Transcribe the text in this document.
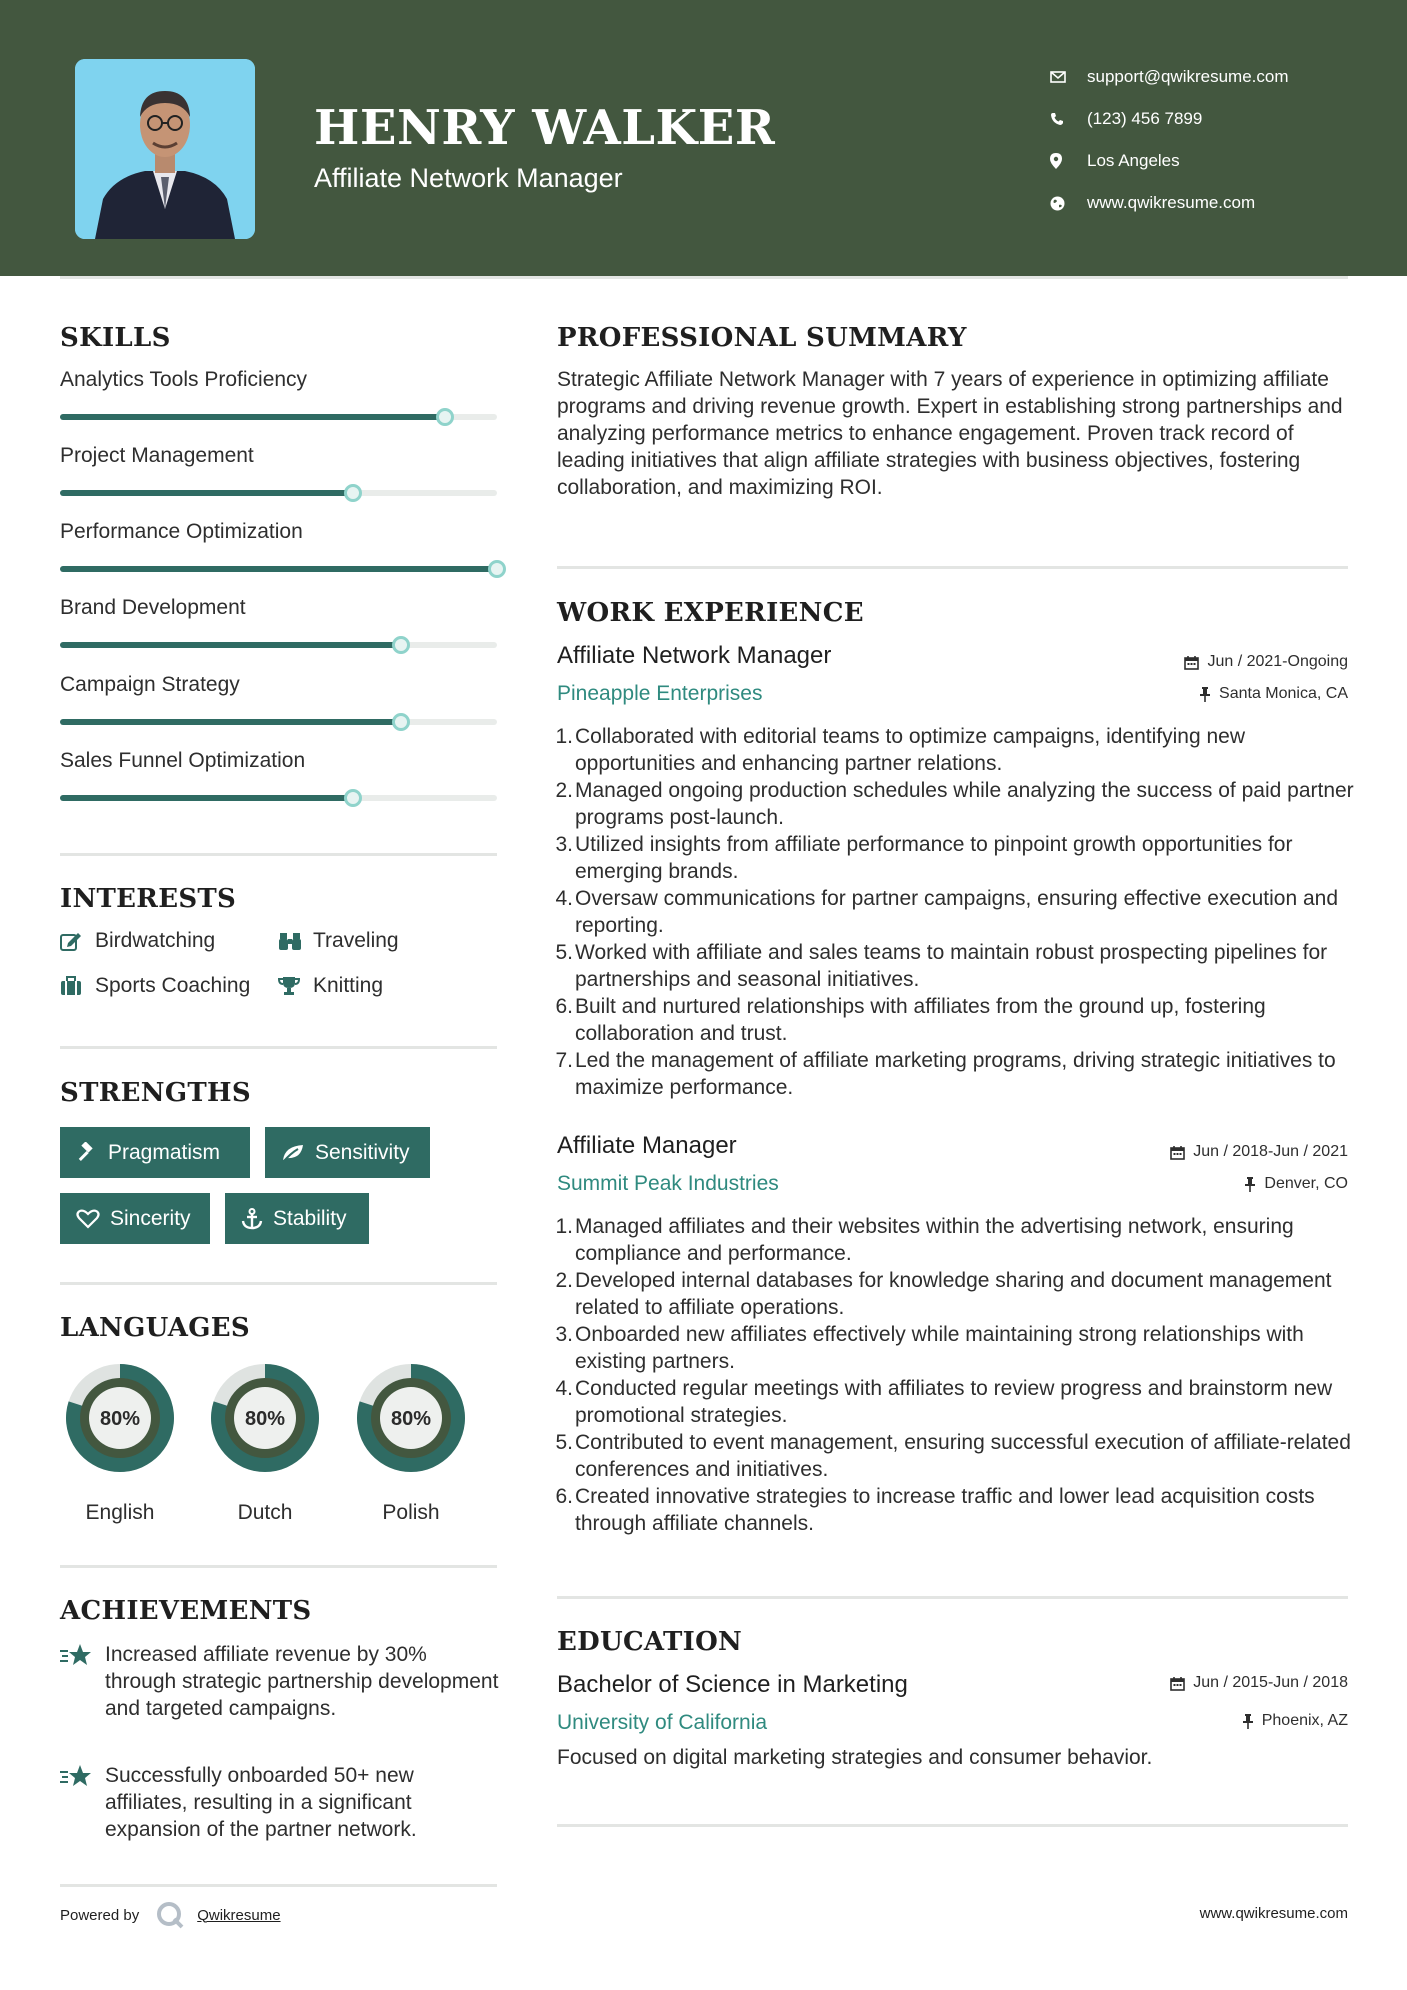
HENRY WALKER
Affiliate Network Manager
support@qwikresume.com
(123) 456 7899
Los Angeles
www.qwikresume.com
SKILLS
Analytics Tools Proficiency
Project Management
Performance Optimization
Brand Development
Campaign Strategy
Sales Funnel Optimization
INTERESTS
Birdwatching	Traveling
Sports Coaching	Knitting
STRENGTHS
Pragmatism	Sensitivity
Sincerity	Stability
LANGUAGES
80%
English
80%
Dutch
80%
Polish
ACHIEVEMENTS
Increased affiliate revenue by 30% through strategic partnership development and targeted campaigns.
Successfully onboarded 50+ new affiliates, resulting in a significant expansion of the partner network.
PROFESSIONAL SUMMARY
Strategic Affiliate Network Manager with 7 years of experience in optimizing affiliate programs and driving revenue growth. Expert in establishing strong partnerships and analyzing performance metrics to enhance engagement. Proven track record of leading initiatives that align affiliate strategies with business objectives, fostering collaboration, and maximizing ROI.
WORK EXPERIENCE
Affiliate Network Manager	Jun / 2021-Ongoing
Pineapple Enterprises	Santa Monica, CA
1. Collaborated with editorial teams to optimize campaigns, identifying new opportunities and enhancing partner relations.
2. Managed ongoing production schedules while analyzing the success of paid partner programs post-launch.
3. Utilized insights from affiliate performance to pinpoint growth opportunities for emerging brands.
4. Oversaw communications for partner campaigns, ensuring effective execution and reporting.
5. Worked with affiliate and sales teams to maintain robust prospecting pipelines for partnerships and seasonal initiatives.
6. Built and nurtured relationships with affiliates from the ground up, fostering collaboration and trust.
7. Led the management of affiliate marketing programs, driving strategic initiatives to maximize performance.
Affiliate Manager	Jun / 2018-Jun / 2021
Summit Peak Industries	Denver, CO
1. Managed affiliates and their websites within the advertising network, ensuring compliance and performance.
2. Developed internal databases for knowledge sharing and document management related to affiliate operations.
3. Onboarded new affiliates effectively while maintaining strong relationships with existing partners.
4. Conducted regular meetings with affiliates to review progress and brainstorm new promotional strategies.
5. Contributed to event management, ensuring successful execution of affiliate-related conferences and initiatives.
6. Created innovative strategies to increase traffic and lower lead acquisition costs through affiliate channels.
EDUCATION
Bachelor of Science in Marketing	Jun / 2015-Jun / 2018
University of California	Phoenix, AZ
Focused on digital marketing strategies and consumer behavior.
Powered by	Qwikresume	www.qwikresume.com
